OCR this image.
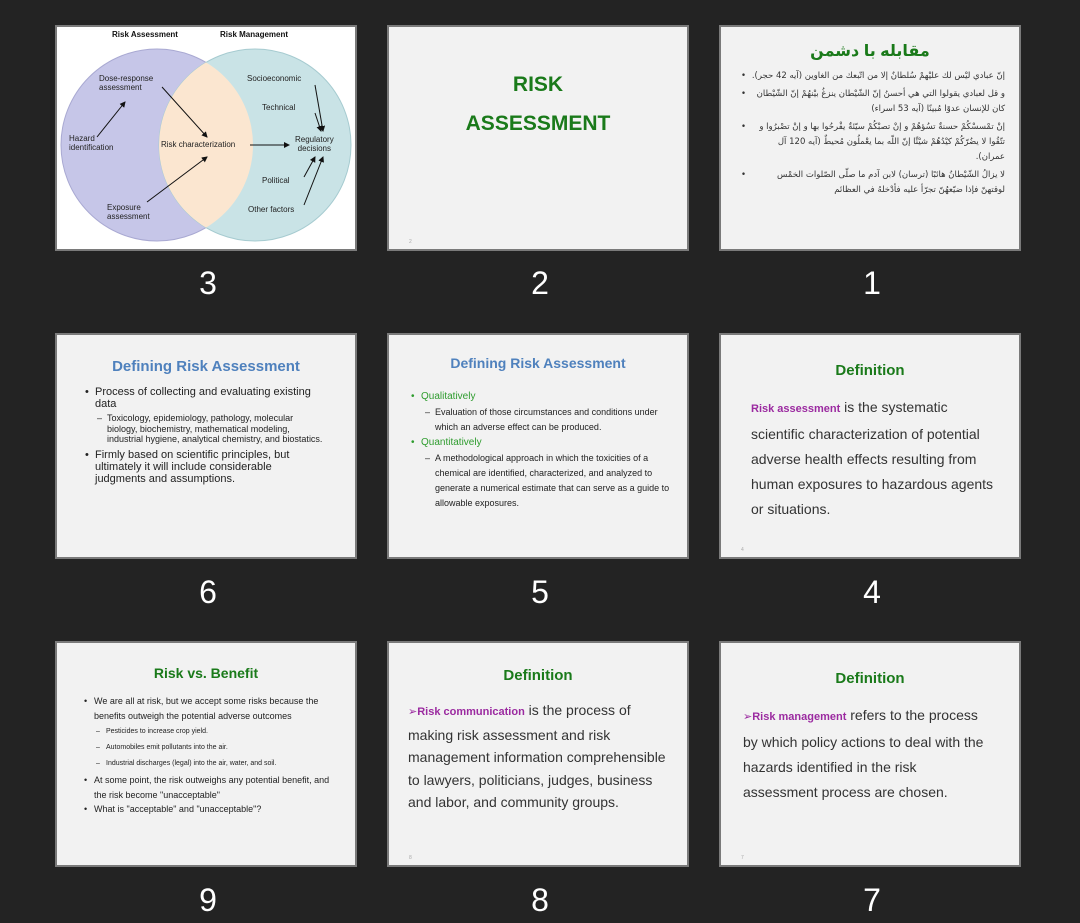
Risk Assessment	Risk Management
Dose-response
assessment
Hazard
identification	Risk characterization
Exposure
assessment
Socioeconomic
Technical
Regulatory
decisions
Political
Other factors
3
RISK
ASSESSMENT
2
2
مقابله با دشمن
• إنّ عبادي ليْس لك عليْهمْ سُلطانٌ إلا من اتّبعك من الغاوين (آيه 42 حجر).
• و قل لعبادي يقولوا التي هي أحسنُ إنّ الشّيْطان ينزغُ بيْنهُمْ إنّ الشّيْطان كان للإنسان عدوًا مُبينًا (آيه 53 اسراء)
• إنْ تمْسسْكُمْ حسنةٌ تسُؤهُمْ و إنْ تصبْكُمْ سيّئةٌ يفْرحُوا بها و إنْ تصْبرُوا و تتّقُوا لا يضُرّكُمْ كيْدُهُمْ شيْئًا إنّ اللّه بما يعْملُون مُحيطٌ (آيه 120 آل عمران).
• لا يزالُ الشّيْطانُ هائبًا (ترسان) لابن آدم ما صلّى الصّلوات الخمْس لوقتهنّ فإذا ضيّعهُنّ تجرّأ عليه فأدْخلهُ في العظائم
1
Defining Risk Assessment
• Process of collecting and evaluating existing data
– Toxicology, epidemiology, pathology, molecular biology, biochemistry, mathematical modeling, industrial hygiene, analytical chemistry, and biostatics.
• Firmly based on scientific principles, but ultimately it will include considerable judgments and assumptions.
6
Defining Risk Assessment
• Qualitatively
– Evaluation of those circumstances and conditions under which an adverse effect can be produced.
• Quantitatively
– A methodological approach in which the toxicities of a chemical are identified, characterized, and analyzed to generate a numerical estimate that can serve as a guide to allowable exposures.
5
Definition
Risk assessment is the systematic scientific characterization of potential adverse health effects resulting from human exposures to hazardous agents or situations.
4
4
Risk vs. Benefit
• We are all at risk, but we accept some risks because the benefits outweigh the potential adverse outcomes
– Pesticides to increase crop yield.
– Automobiles emit pollutants into the air.
– Industrial discharges (legal) into the air, water, and soil.
• At some point, the risk outweighs any potential benefit, and the risk become "unacceptable"
• What is "acceptable" and "unacceptable"?
9
Definition
➢Risk communication is the process of making risk assessment and risk management information comprehensible to lawyers, politicians, judges, business and labor, and community groups.
8
8
Definition
➢Risk management refers to the process by which policy actions to deal with the hazards identified in the risk assessment process are chosen.
7
7
